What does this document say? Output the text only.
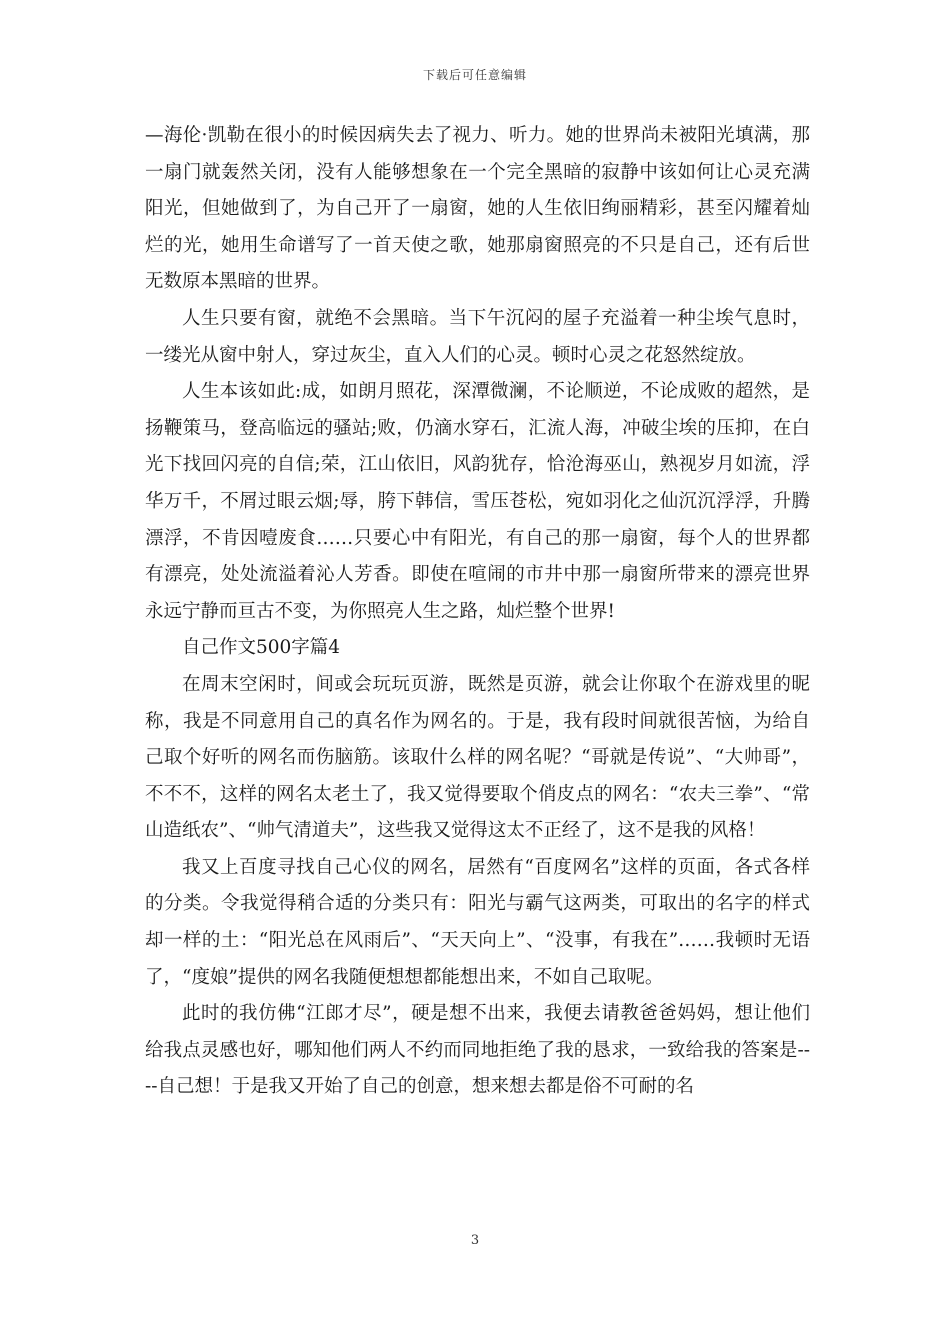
下载后可任意编辑

—海伦·凯勒在很小的时候因病失去了视力、听力。她的世界尚未被阳光填满，那一扇门就轰然关闭，没有人能够想象在一个完全黑暗的寂静中该如何让心灵充满阳光，但她做到了，为自己开了一扇窗，她的人生依旧绚丽精彩，甚至闪耀着灿烂的光，她用生命谱写了一首天使之歌，她那扇窗照亮的不只是自己，还有后世无数原本黑暗的世界。

人生只要有窗，就绝不会黑暗。当下午沉闷的屋子充溢着一种尘埃气息时，一缕光从窗中射人，穿过灰尘，直入人们的心灵。顿时心灵之花怒然绽放。

人生本该如此:成，如朗月照花，深潭微澜，不论顺逆，不论成败的超然，是扬鞭策马，登高临远的骚站;败，仍滴水穿石，汇流人海，冲破尘埃的压抑，在白光下找回闪亮的自信;荣，江山依旧，风韵犹存，恰沧海巫山，熟视岁月如流，浮华万千，不屑过眼云烟;辱，胯下韩信，雪压苍松，宛如羽化之仙沉沉浮浮，升腾漂浮，不肯因噎废食……只要心中有阳光，有自己的那一扇窗，每个人的世界都有漂亮，处处流溢着沁人芳香。即使在喧闹的市井中那一扇窗所带来的漂亮世界永远宁静而亘古不变，为你照亮人生之路，灿烂整个世界!

自己作文500字篇4

在周末空闲时，间或会玩玩页游，既然是页游，就会让你取个在游戏里的昵称，我是不同意用自己的真名作为网名的。于是，我有段时间就很苦恼，为给自己取个好听的网名而伤脑筋。该取什么样的网名呢？“哥就是传说”、“大帅哥”，不不不，这样的网名太老土了，我又觉得要取个俏皮点的网名：“农夫三拳”、“常山造纸农”、“帅气清道夫”，这些我又觉得这太不正经了，这不是我的风格！

我又上百度寻找自己心仪的网名，居然有“百度网名”这样的页面，各式各样的分类。令我觉得稍合适的分类只有：阳光与霸气这两类，可取出的名字的样式却一样的土：“阳光总在风雨后”、“天天向上”、“没事，有我在”……我顿时无语了，“度娘”提供的网名我随便想想都能想出来，不如自己取呢。

此时的我仿佛“江郎才尽”，硬是想不出来，我便去请教爸爸妈妈，想让他们给我点灵感也好，哪知他们两人不约而同地拒绝了我的恳求，一致给我的答案是----自己想！于是我又开始了自己的创意，想来想去都是俗不可耐的名

3
